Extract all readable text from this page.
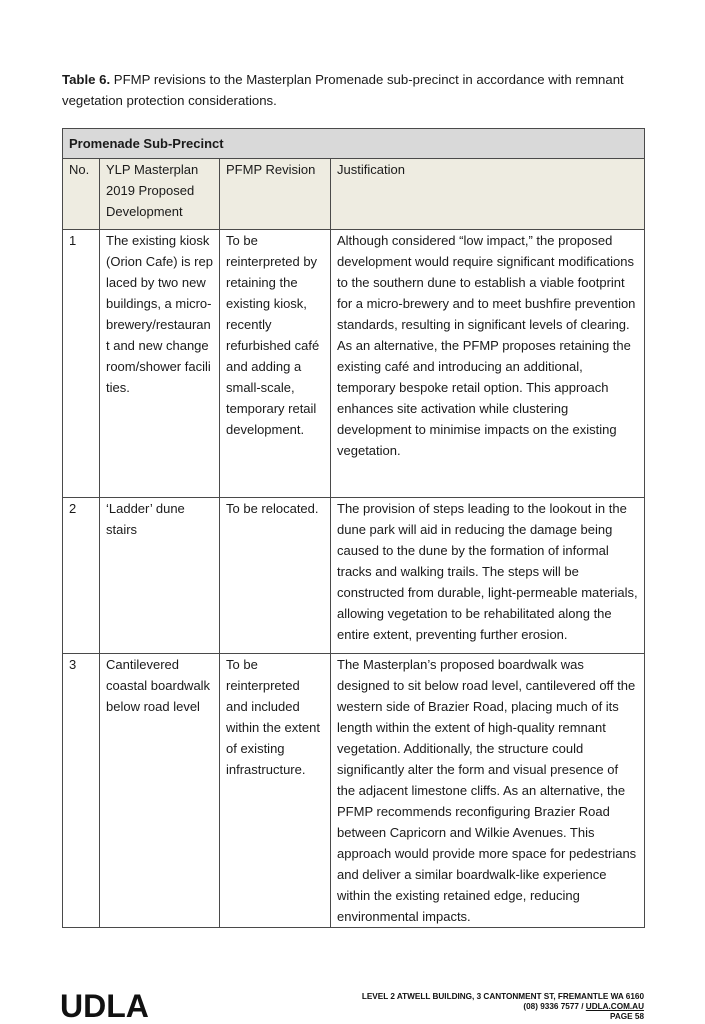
Table 6. PFMP revisions to the Masterplan Promenade sub-precinct in accordance with remnant vegetation protection considerations.
Promenade Sub-Precinct			
No.	YLP Masterplan 2019 Proposed Development	PFMP Revision	Justification
1	The existing kiosk (Orion Cafe) is replaced by two new buildings, a micro-brewery/restaurant and new change room/shower facilities.	To be reinterpreted by retaining the existing kiosk, recently refurbished café and adding a small-scale, temporary retail development.	Although considered “low impact,” the proposed development would require significant modifications to the southern dune to establish a viable footprint for a micro-brewery and to meet bushfire prevention standards, resulting in significant levels of clearing. As an alternative, the PFMP proposes retaining the existing café and introducing an additional, temporary bespoke retail option. This approach enhances site activation while clustering development to minimise impacts on the existing vegetation.
2	‘Ladder’ dune stairs	To be relocated.	The provision of steps leading to the lookout in the dune park will aid in reducing the damage being caused to the dune by the formation of informal tracks and walking trails. The steps will be constructed from durable, light-permeable materials, allowing vegetation to be rehabilitated along the entire extent, preventing further erosion.
3	Cantilevered coastal boardwalk below road level	To be reinterpreted and included within the extent of existing infrastructure.	The Masterplan’s proposed boardwalk was designed to sit below road level, cantilevered off the western side of Brazier Road, placing much of its length within the extent of high-quality remnant vegetation. Additionally, the structure could significantly alter the form and visual presence of the adjacent limestone cliffs. As an alternative, the PFMP recommends reconfiguring Brazier Road between Capricorn and Wilkie Avenues. This approach would provide more space for pedestrians and deliver a similar boardwalk-like experience within the existing retained edge, reducing environmental impacts.
UDLA	LEVEL 2 ATWELL BUILDING, 3 CANTONMENT ST, FREMANTLE WA 6160
(08) 9336 7577 / UDLA.COM.AU
PAGE 58
